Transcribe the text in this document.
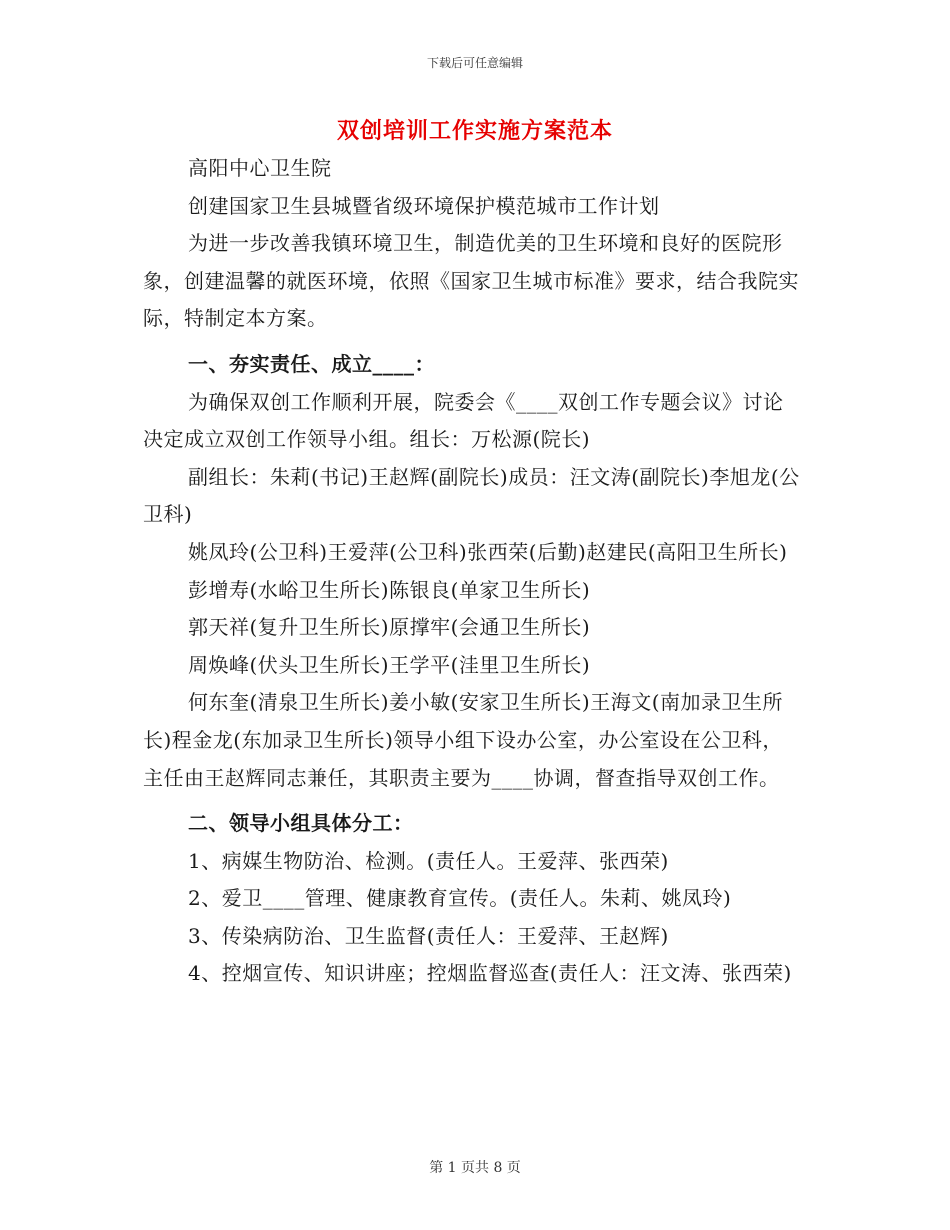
下载后可任意编辑
双创培训工作实施方案范本

高阳中心卫生院

创建国家卫生县城暨省级环境保护模范城市工作计划

为进一步改善我镇环境卫生，制造优美的卫生环境和良好的医院形象，创建温馨的就医环境，依照《国家卫生城市标准》要求，结合我院实际，特制定本方案。

一、夯实责任、成立____：

为确保双创工作顺利开展，院委会《____双创工作专题会议》讨论决定成立双创工作领导小组。组长：万松源(院长)

副组长：朱莉(书记)王赵辉(副院长)成员：汪文涛(副院长)李旭龙(公卫科)

姚凤玲(公卫科)王爱萍(公卫科)张西荣(后勤)赵建民(高阳卫生所长)

彭增寿(水峪卫生所长)陈银良(单家卫生所长)

郭天祥(复升卫生所长)原撑牢(会通卫生所长)

周焕峰(伏头卫生所长)王学平(洼里卫生所长)

何东奎(清泉卫生所长)姜小敏(安家卫生所长)王海文(南加录卫生所长)程金龙(东加录卫生所长)领导小组下设办公室，办公室设在公卫科，主任由王赵辉同志兼任，其职责主要为____协调，督查指导双创工作。

二、领导小组具体分工：

1、病媒生物防治、检测。(责任人。王爱萍、张西荣)

2、爱卫____管理、健康教育宣传。(责任人。朱莉、姚凤玲)

3、传染病防治、卫生监督(责任人：王爱萍、王赵辉)

4、控烟宣传、知识讲座；控烟监督巡查(责任人：汪文涛、张西荣)

第 1 页共 8 页
